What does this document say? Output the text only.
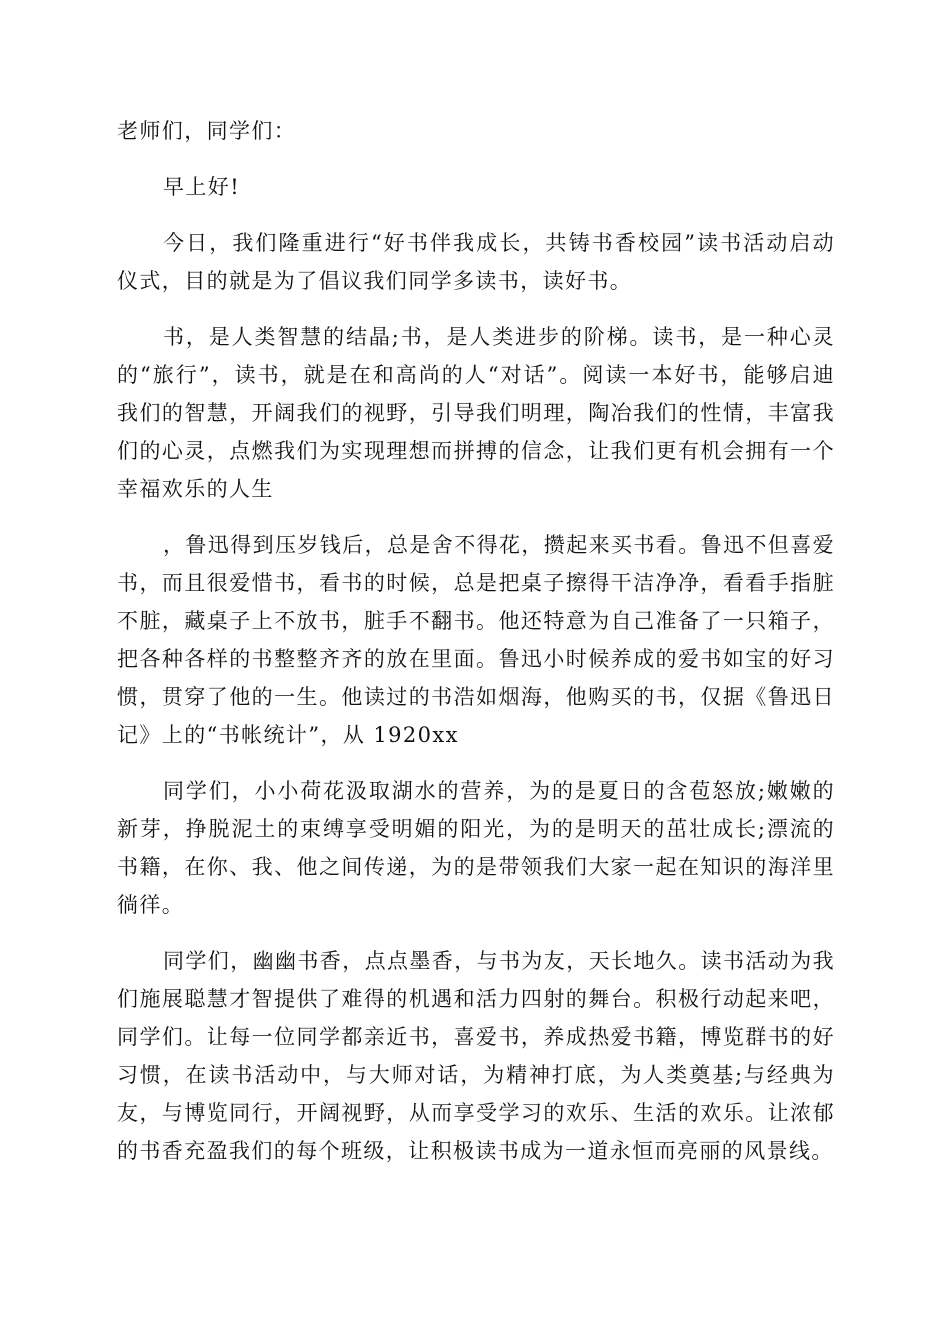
老师们，同学们：

早上好!

今日，我们隆重进行“好书伴我成长，共铸书香校园”读书活动启动仪式，目的就是为了倡议我们同学多读书，读好书。

书，是人类智慧的结晶;书，是人类进步的阶梯。读书，是一种心灵的“旅行”，读书，就是在和高尚的人“对话”。阅读一本好书，能够启迪我们的智慧，开阔我们的视野，引导我们明理，陶冶我们的性情，丰富我们的心灵，点燃我们为实现理想而拼搏的信念，让我们更有机会拥有一个幸福欢乐的人生

，鲁迅得到压岁钱后，总是舍不得花，攒起来买书看。鲁迅不但喜爱书，而且很爱惜书，看书的时候，总是把桌子擦得干洁净净，看看手指脏不脏，藏桌子上不放书，脏手不翻书。他还特意为自己准备了一只箱子，把各种各样的书整整齐齐的放在里面。鲁迅小时候养成的爱书如宝的好习惯，贯穿了他的一生。他读过的书浩如烟海，他购买的书，仅据《鲁迅日记》上的“书帐统计”，从 1920xx

同学们，小小荷花汲取湖水的营养，为的是夏日的含苞怒放;嫩嫩的新芽，挣脱泥土的束缚享受明媚的阳光，为的是明天的茁壮成长;漂流的书籍，在你、我、他之间传递，为的是带领我们大家一起在知识的海洋里徜徉。

同学们，幽幽书香，点点墨香，与书为友，天长地久。读书活动为我们施展聪慧才智提供了难得的机遇和活力四射的舞台。积极行动起来吧，同学们。让每一位同学都亲近书，喜爱书，养成热爱书籍，博览群书的好习惯，在读书活动中，与大师对话，为精神打底，为人类奠基;与经典为友，与博览同行，开阔视野，从而享受学习的欢乐、生活的欢乐。让浓郁的书香充盈我们的每个班级，让积极读书成为一道永恒而亮丽的风景线。
